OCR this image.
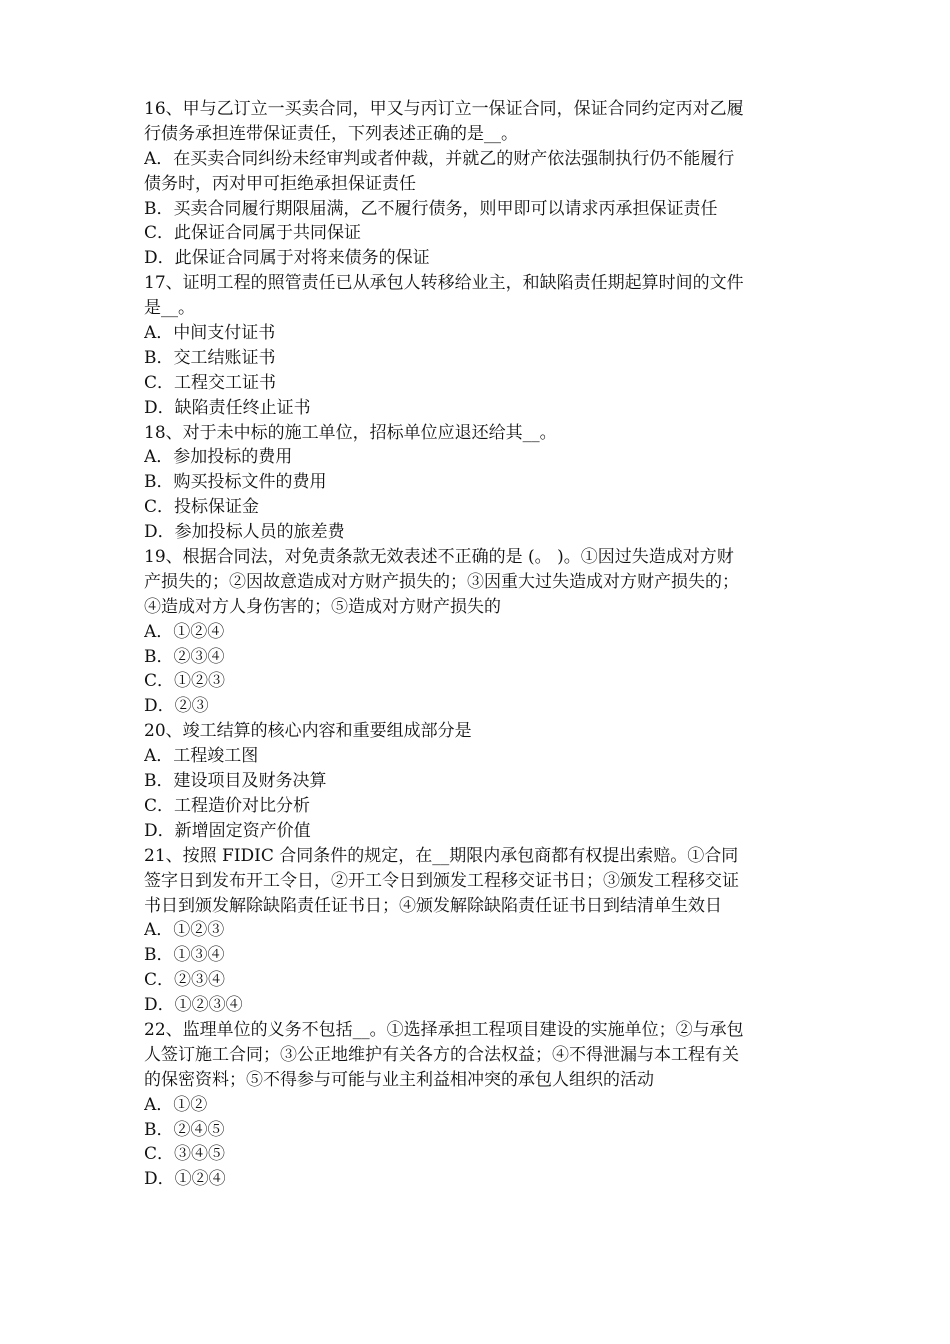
16、甲与乙订立一买卖合同，甲又与丙订立一保证合同，保证合同约定丙对乙履
行债务承担连带保证责任，下列表述正确的是__。
A．在买卖合同纠纷未经审判或者仲裁，并就乙的财产依法强制执行仍不能履行
债务时，丙对甲可拒绝承担保证责任
B．买卖合同履行期限届满，乙不履行债务，则甲即可以请求丙承担保证责任
C．此保证合同属于共同保证
D．此保证合同属于对将来债务的保证
17、证明工程的照管责任已从承包人转移给业主，和缺陷责任期起算时间的文件
是__。
A．中间支付证书
B．交工结账证书
C．工程交工证书
D．缺陷责任终止证书
18、对于未中标的施工单位，招标单位应退还给其__。
A．参加投标的费用
B．购买投标文件的费用
C．投标保证金
D．参加投标人员的旅差费
19、根据合同法，对免责条款无效表述不正确的是 (。 )。①因过失造成对方财
产损失的；②因故意造成对方财产损失的；③因重大过失造成对方财产损失的；
④造成对方人身伤害的；⑤造成对方财产损失的
A．①②④
B．②③④
C．①②③
D．②③
20、竣工结算的核心内容和重要组成部分是
A．工程竣工图
B．建设项目及财务决算
C．工程造价对比分析
D．新增固定资产价值
21、按照 FIDIC 合同条件的规定，在__期限内承包商都有权提出索赔。①合同
签字日到发布开工令日，②开工令日到颁发工程移交证书日；③颁发工程移交证
书日到颁发解除缺陷责任证书日；④颁发解除缺陷责任证书日到结清单生效日
A．①②③
B．①③④
C．②③④
D．①②③④
22、监理单位的义务不包括__。①选择承担工程项目建设的实施单位；②与承包
人签订施工合同；③公正地维护有关各方的合法权益；④不得泄漏与本工程有关
的保密资料；⑤不得参与可能与业主利益相冲突的承包人组织的活动
A．①②
B．②④⑤
C．③④⑤
D．①②④
